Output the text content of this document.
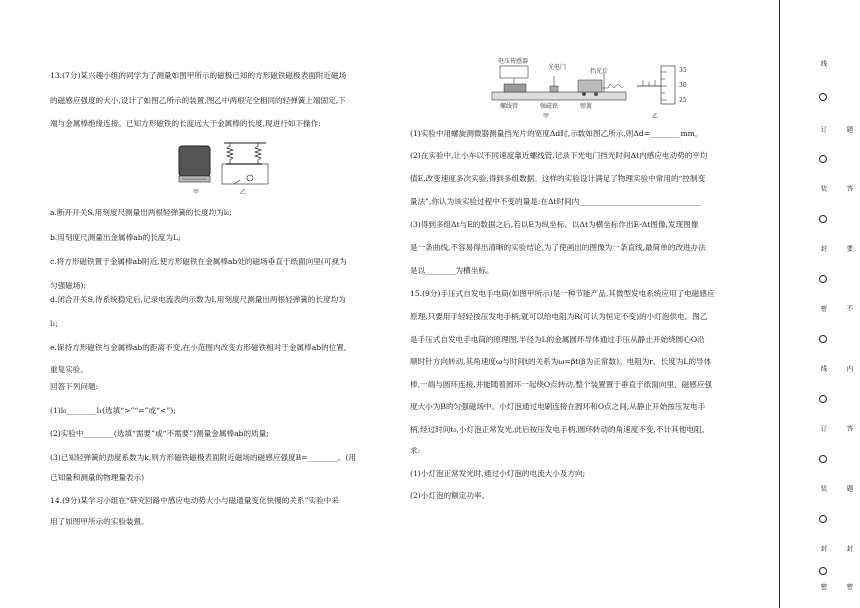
13.(7分)某兴趣小组的同学为了测量如图甲所示的磁极已知的方形磁铁磁极表面附近磁场
的磁感应强度的大小,设计了如图乙所示的装置,图乙中两根完全相同的轻弹簧上端固定,下
端与金属棒绝缘连接。已知方形磁铁的长度远大于金属棒的长度,现进行如下操作:
甲	乙
a.断开开关S,用刻度尺测量出两根轻弹簧的长度均为l₀;
b.用刻度尺测量出金属棒ab的长度为L;
c.将方形磁铁置于金属棒ab附近,使方形磁铁在金属棒ab处的磁场垂直于纸面向里(可视为
匀强磁场);
d.闭合开关S,待系统稳定后,记录电流表的示数为I,用刻度尺测量出两根轻弹簧的长度均为
l₁;
e.保持方形磁铁与金属棒ab的距离不变,在小范围内改变方形磁铁相对于金属棒ab的位置,
重复实验。
回答下列问题:
(1)l₀________l₁(选填“>”“=”或“<”);
(2)实验中________(选填“需要”或“不需要”)测量金属棒ab的质量;
(3)已知轻弹簧的劲度系数为k,则方形磁铁磁极表面附近磁场的磁感应强度B=________。(用
已知量和测量的物理量表示)
14.(9分)某学习小组在“研究回路中感应电动势大小与磁通量变化快慢的关系”实验中采
用了如图甲所示的实验装置。
电压传感器
光电门
挡光片
螺线管	强磁铁	弹簧
35
30
25
甲	乙
(1)实验中用螺旋测微器测量挡光片的宽度Δd时,示数如图乙所示,则Δd=________mm。
(2)在实验中,让小车以不同速度靠近螺线管,记录下光电门挡光时间Δt内感应电动势的平均
值E,改变速度多次实验,得到多组数据。这样的实验设计满足了物理实验中常用的“控制变
量法”,你认为该实验过程中不变的量是:在Δt时间内________________________________
(3)得到多组Δt与E的数据之后,若以E为纵坐标、以Δt为横坐标作出E-Δt图像,发现图像
是一条曲线,不容易得出清晰的实验结论,为了使画出的图像为一条直线,最简单的改进办法
是以________为横坐标。
15.(9分)手压式自发电手电筒(如图甲所示)是一种节能产品,其微型发电系统应用了电磁感应
原理,只要用手轻轻按压发电手柄,就可以给电阻为R(可认为恒定不变)的小灯泡供电。图乙
是手压式自发电手电筒的原理图,半径为L的金属圆环导体通过手压从静止开始绕圆心O沿
顺时针方向转动,其角速度ω与时间t的关系为ω=βt(β为正常数)。电阻为r、长度为L的导体
棒,一端与圆环连接,并能随着圆环一起绕O点转动,整个装置置于垂直于纸面向里、磁感应强
度大小为B的匀强磁场中。小灯泡通过电刷连接在圆环和O点之间,从静止开始按压发电手
柄,经过时间t₀,小灯泡正常发光,此后按压发电手柄,圆环转动的角速度不变,不计其他电阻。
求:
(1)小灯泡正常发光时,通过小灯泡的电流大小及方向;
(2)小灯泡的额定功率。
线
订
装
封
密
线
订
装
封
密
题
答
要
不
内
答
题
封
密
